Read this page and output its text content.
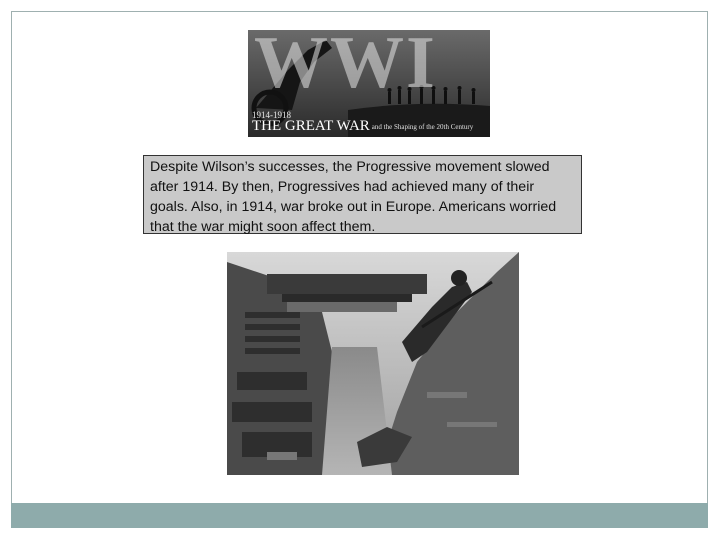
WWI
1914-1918
THE GREAT WAR and the Shaping of the 20th Century

Despite Wilson’s successes, the Progressive movement slowed after 1914. By then, Progressives had achieved many of their goals. Also, in 1914, war broke out in Europe. Americans worried that the war might soon affect them.
